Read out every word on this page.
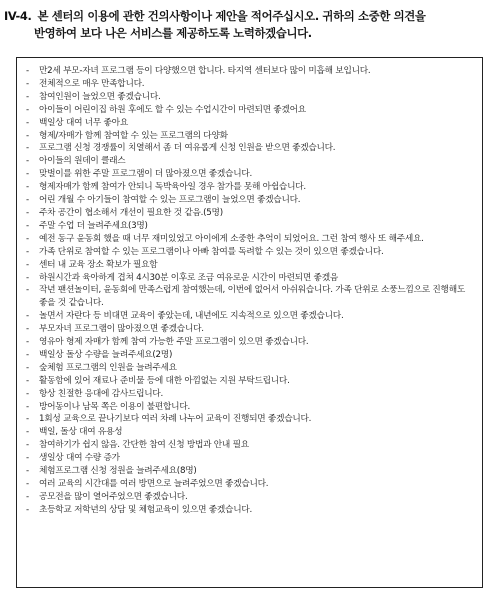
IV-4. 본 센터의 이용에 관한 건의사항이나 제안을 적어주십시오. 귀하의 소중한 의견을
반영하여 보다 나은 서비스를 제공하도록 노력하겠습니다.
- 만2세 부모-자녀 프로그램 등이 다양했으면 합니다. 타지역 센터보다 많이 미흡해 보입니다.
- 전체적으로 매우 만족합니다.
- 참여인원이 늘었으면 좋겠습니다.
- 아이들이 어린이집 하원 후에도 할 수 있는 수업시간이 마련되면 좋겠어요
- 백일상 대여 너무 좋아요
- 형제/자매가 함께 참여할 수 있는 프로그램의 다양화
- 프로그램 신청 경쟁률이 치열해서 좀 더 여유롭게 신청 인원을 받으면 좋겠습니다.
- 아이들의 원데이 클래스
- 맞벌이를 위한 주말 프로그램이 더 많아졌으면 좋겠습니다.
- 형제자매가 함께 참여가 안되니 독박육아일 경우 참가를 못해 아쉽습니다.
- 어린 개월 수 아기들이 참여할 수 있는 프로그램이 늘었으면 좋겠습니다.
- 주차 공간이 협소해서 개선이 필요한 것 같음.(5명)
- 주말 수업 더 늘려주세요(3명)
- 예전 동구 윤동회 했을 때 너무 재미있었고 아이에게 소중한 추억이 되었어요. 그런 참여 행사 또 해주세요.
- 가족 단위로 참여할 수 있는 프로그램이나 아빠 참여를 독려할 수 있는 것이 있으면 좋겠습니다.
- 센터 내 교육 장소 확보가 필요함
- 하원시간과 육아하게 겹쳐 4시30분 이후로 조금 여유로운 시간이 마련되면 좋겠음
- 작년 팬션놀이터, 윤동회에 만족스럽게 참여했는데, 이번에 없어서 아쉬워습니다. 가족 단위로 소풍느낌으로 진행해도 좋을 것 같습니다.
- 놀면서 자란다 등 비대면 교육이 좋았는데, 내년에도 지속적으로 있으면 좋겠습니다.
- 부모자녀 프로그램이 많아졌으면 좋겠습니다.
- 영유아 형제 자매가 함께 참여 가능한 주말 프로그램이 있으면 좋겠습니다.
- 백일상 돌상 수량을 늘려주세요(2명)
- 숲체험 프로그램의 인원을 늘려주세요
- 활동함에 있어 재료나 준비물 등에 대한 아낌없는 지원 부탁드립니다.
- 항상 친절한 응대에 감사드립니다.
- 방어동이나 남목 쪽은 이용이 불편합니다.
- 1회성 교육으로 끝나기보다 여러 차례 나누어 교육이 진행되면 좋겠습니다.
- 백일, 돌상 대여 유용성
- 참여하기가 쉽지 않음. 간단한 참여 신청 방법과 안내 필요
- 생일상 대여 수량 증가
- 체험프로그램 신청 정원을 늘려주세요(8명)
- 여러 교육의 시간대를 여러 방면으로 늘려주었으면 좋겠습니다.
- 공모전을 많이 열어주었으면 좋겠습니다.
- 초등학교 저학년의 상담 및 체험교육이 있으면 좋겠습니다.
